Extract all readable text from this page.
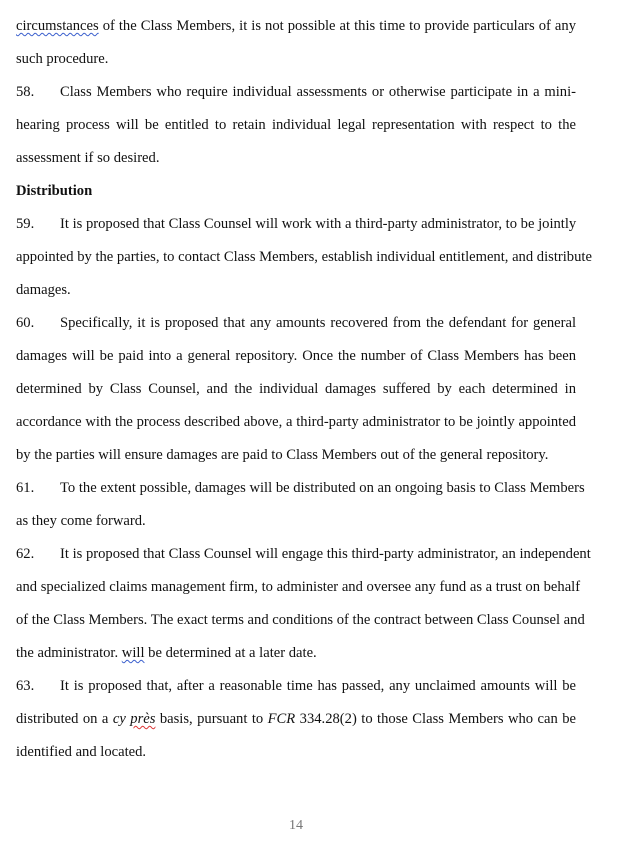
circumstances of the Class Members, it is not possible at this time to provide particulars of any
such procedure.
58. Class Members who require individual assessments or otherwise participate in a mini-
hearing process will be entitled to retain individual legal representation with respect to the
assessment if so desired.
Distribution
59. It is proposed that Class Counsel will work with a third-party administrator, to be jointly
appointed by the parties, to contact Class Members, establish individual entitlement, and distribute
damages.
60. Specifically, it is proposed that any amounts recovered from the defendant for general
damages will be paid into a general repository. Once the number of Class Members has been
determined by Class Counsel, and the individual damages suffered by each determined in
accordance with the process described above, a third-party administrator to be jointly appointed
by the parties will ensure damages are paid to Class Members out of the general repository.
61. To the extent possible, damages will be distributed on an ongoing basis to Class Members
as they come forward.
62. It is proposed that Class Counsel will engage this third-party administrator, an independent
and specialized claims management firm, to administer and oversee any fund as a trust on behalf
of the Class Members. The exact terms and conditions of the contract between Class Counsel and
the administrator. will be determined at a later date.
63. It is proposed that, after a reasonable time has passed, any unclaimed amounts will be
distributed on a cy près basis, pursuant to FCR 334.28(2) to those Class Members who can be
identified and located.
14
